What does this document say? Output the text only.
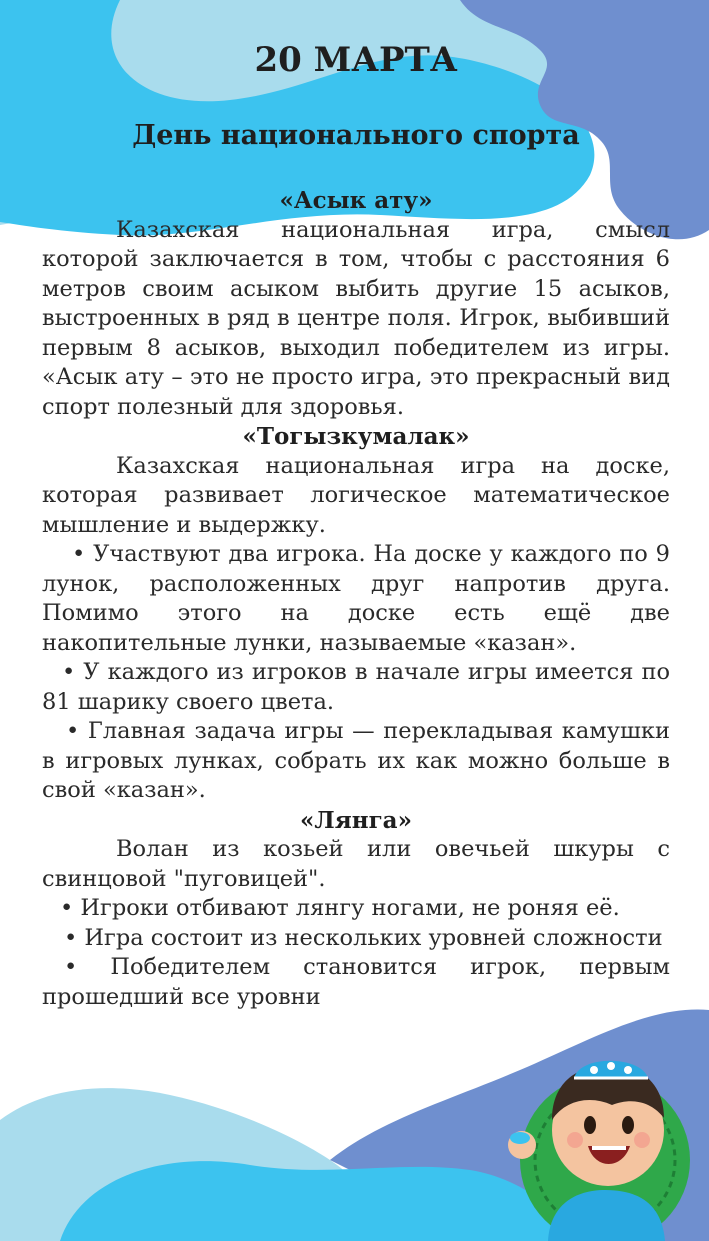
20 МАРТА
День национального спорта
«Асык ату»

Казахская национальная игра, смысл которой заключается в том, чтобы с расстояния 6 метров своим асыком выбить другие 15 асыков, выстроенных в ряд в центре поля. Игрок, выбивший первым 8 асыков, выходил победителем из игры. «Асык ату – это не просто игра, это прекрасный вид спорт полезный для здоровья.

«Тогызкумалак»

Казахская национальная игра на доске, которая развивает логическое математическое мышление и выдержку.

• Участвуют два игрока. На доске у каждого по 9 лунок, расположенных друг напротив друга. Помимо этого на доске есть ещё две накопительные лунки, называемые «казан».

• У каждого из игроков в начале игры имеется по 81 шарику своего цвета.

• Главная задача игры — перекладывая камушки в игровых лунках, собрать их как можно больше в свой «казан».

«Лянга»

Волан из козьей или овечьей шкуры с свинцовой "пуговицей".

• Игроки отбивают лянгу ногами, не роняя её.

• Игра состоит из нескольких уровней сложности

• Победителем становится игрок, первым прошедший все уровни
